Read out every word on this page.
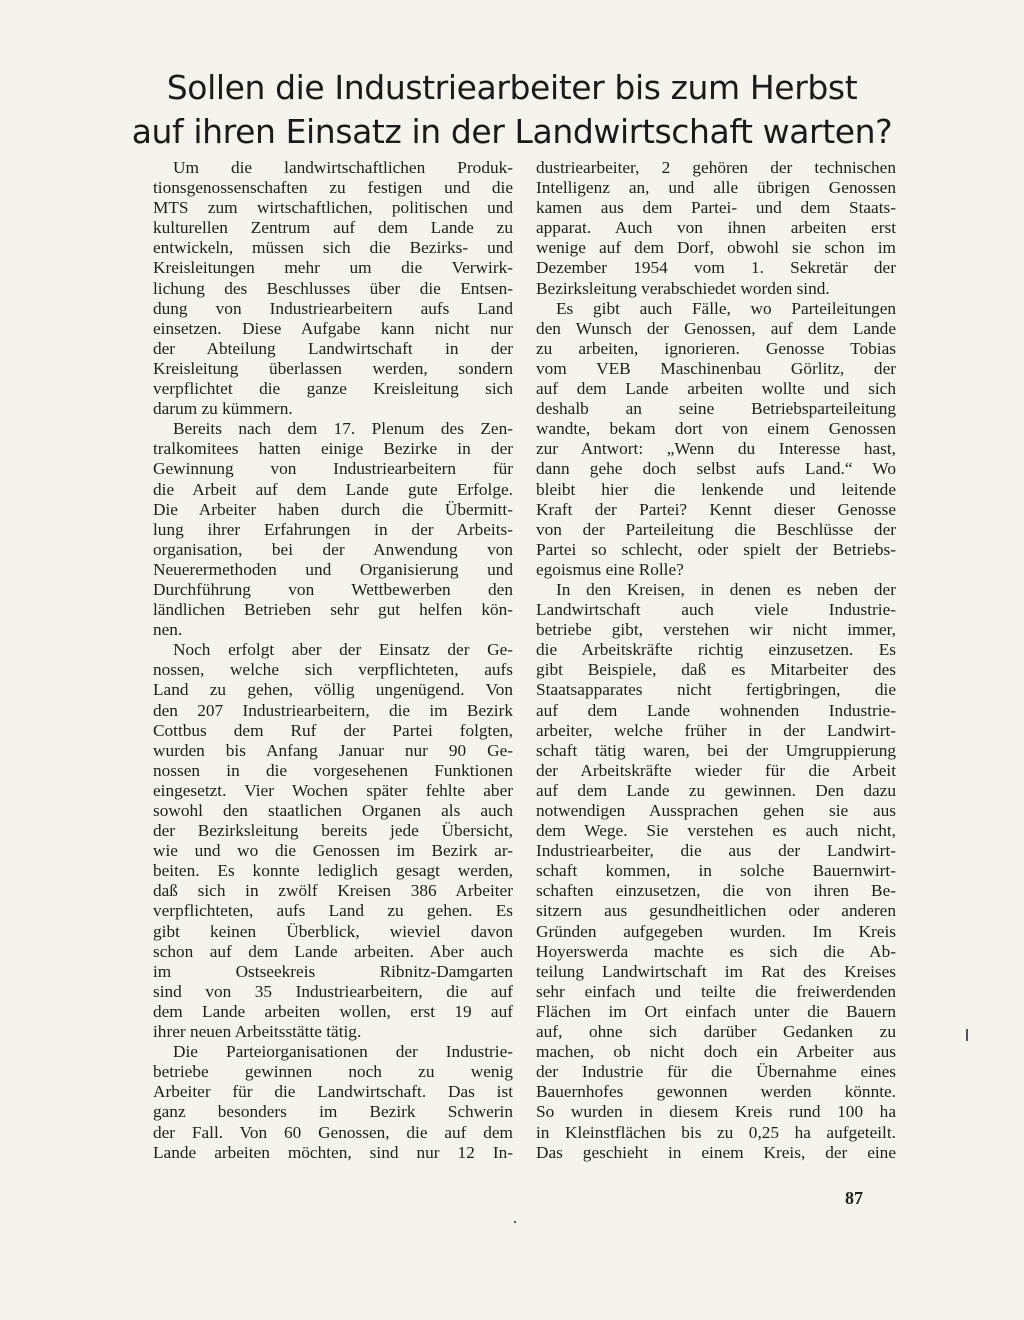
Sollen die Industriearbeiter bis zum Herbst
auf ihren Einsatz in der Landwirtschaft warten?

Um die landwirtschaftlichen Produk-
tionsgenossenschaften zu festigen und die
MTS zum wirtschaftlichen, politischen und
kulturellen Zentrum auf dem Lande zu
entwickeln, müssen sich die Bezirks- und
Kreisleitungen mehr um die Verwirk-
lichung des Beschlusses über die Entsen-
dung von Industriearbeitern aufs Land
einsetzen. Diese Aufgabe kann nicht nur
der Abteilung Landwirtschaft in der
Kreisleitung überlassen werden, sondern
verpflichtet die ganze Kreisleitung sich
darum zu kümmern.

Bereits nach dem 17. Plenum des Zen-
tralkomitees hatten einige Bezirke in der
Gewinnung von Industriearbeitern für
die Arbeit auf dem Lande gute Erfolge.
Die Arbeiter haben durch die Übermitt-
lung ihrer Erfahrungen in der Arbeits-
organisation, bei der Anwendung von
Neuerermethoden und Organisierung und
Durchführung von Wettbewerben den
ländlichen Betrieben sehr gut helfen kön-
nen.

Noch erfolgt aber der Einsatz der Ge-
nossen, welche sich verpflichteten, aufs
Land zu gehen, völlig ungenügend. Von
den 207 Industriearbeitern, die im Bezirk
Cottbus dem Ruf der Partei folgten,
wurden bis Anfang Januar nur 90 Ge-
nossen in die vorgesehenen Funktionen
eingesetzt. Vier Wochen später fehlte aber
sowohl den staatlichen Organen als auch
der Bezirksleitung bereits jede Übersicht,
wie und wo die Genossen im Bezirk ar-
beiten. Es konnte lediglich gesagt werden,
daß sich in zwölf Kreisen 386 Arbeiter
verpflichteten, aufs Land zu gehen. Es
gibt keinen Überblick, wieviel davon
schon auf dem Lande arbeiten. Aber auch
im Ostseekreis Ribnitz-Damgarten
sind von 35 Industriearbeitern, die auf
dem Lande arbeiten wollen, erst 19 auf
ihrer neuen Arbeitsstätte tätig.

Die Parteiorganisationen der Industrie-
betriebe gewinnen noch zu wenig
Arbeiter für die Landwirtschaft. Das ist
ganz besonders im Bezirk Schwerin
der Fall. Von 60 Genossen, die auf dem
Lande arbeiten möchten, sind nur 12 In-

dustriearbeiter, 2 gehören der technischen
Intelligenz an, und alle übrigen Genossen
kamen aus dem Partei- und dem Staats-
apparat. Auch von ihnen arbeiten erst
wenige auf dem Dorf, obwohl sie schon im
Dezember 1954 vom 1. Sekretär der
Bezirksleitung verabschiedet worden sind.

Es gibt auch Fälle, wo Parteileitungen
den Wunsch der Genossen, auf dem Lande
zu arbeiten, ignorieren. Genosse Tobias
vom VEB Maschinenbau Görlitz, der
auf dem Lande arbeiten wollte und sich
deshalb an seine Betriebsparteileitung
wandte, bekam dort von einem Genossen
zur Antwort: „Wenn du Interesse hast,
dann gehe doch selbst aufs Land.“ Wo
bleibt hier die lenkende und leitende
Kraft der Partei? Kennt dieser Genosse
von der Parteileitung die Beschlüsse der
Partei so schlecht, oder spielt der Betriebs-
egoismus eine Rolle?

In den Kreisen, in denen es neben der
Landwirtschaft auch viele Industrie-
betriebe gibt, verstehen wir nicht immer,
die Arbeitskräfte richtig einzusetzen. Es
gibt Beispiele, daß es Mitarbeiter des
Staatsapparates nicht fertigbringen, die
auf dem Lande wohnenden Industrie-
arbeiter, welche früher in der Landwirt-
schaft tätig waren, bei der Umgruppierung
der Arbeitskräfte wieder für die Arbeit
auf dem Lande zu gewinnen. Den dazu
notwendigen Aussprachen gehen sie aus
dem Wege. Sie verstehen es auch nicht,
Industriearbeiter, die aus der Landwirt-
schaft kommen, in solche Bauernwirt-
schaften einzusetzen, die von ihren Be-
sitzern aus gesundheitlichen oder anderen
Gründen aufgegeben wurden. Im Kreis
Hoyerswerda machte es sich die Ab-
teilung Landwirtschaft im Rat des Kreises
sehr einfach und teilte die freiwerdenden
Flächen im Ort einfach unter die Bauern
auf, ohne sich darüber Gedanken zu
machen, ob nicht doch ein Arbeiter aus
der Industrie für die Übernahme eines
Bauernhofes gewonnen werden könnte.
So wurden in diesem Kreis rund 100 ha
in Kleinstflächen bis zu 0,25 ha aufgeteilt.
Das geschieht in einem Kreis, der eine

87
